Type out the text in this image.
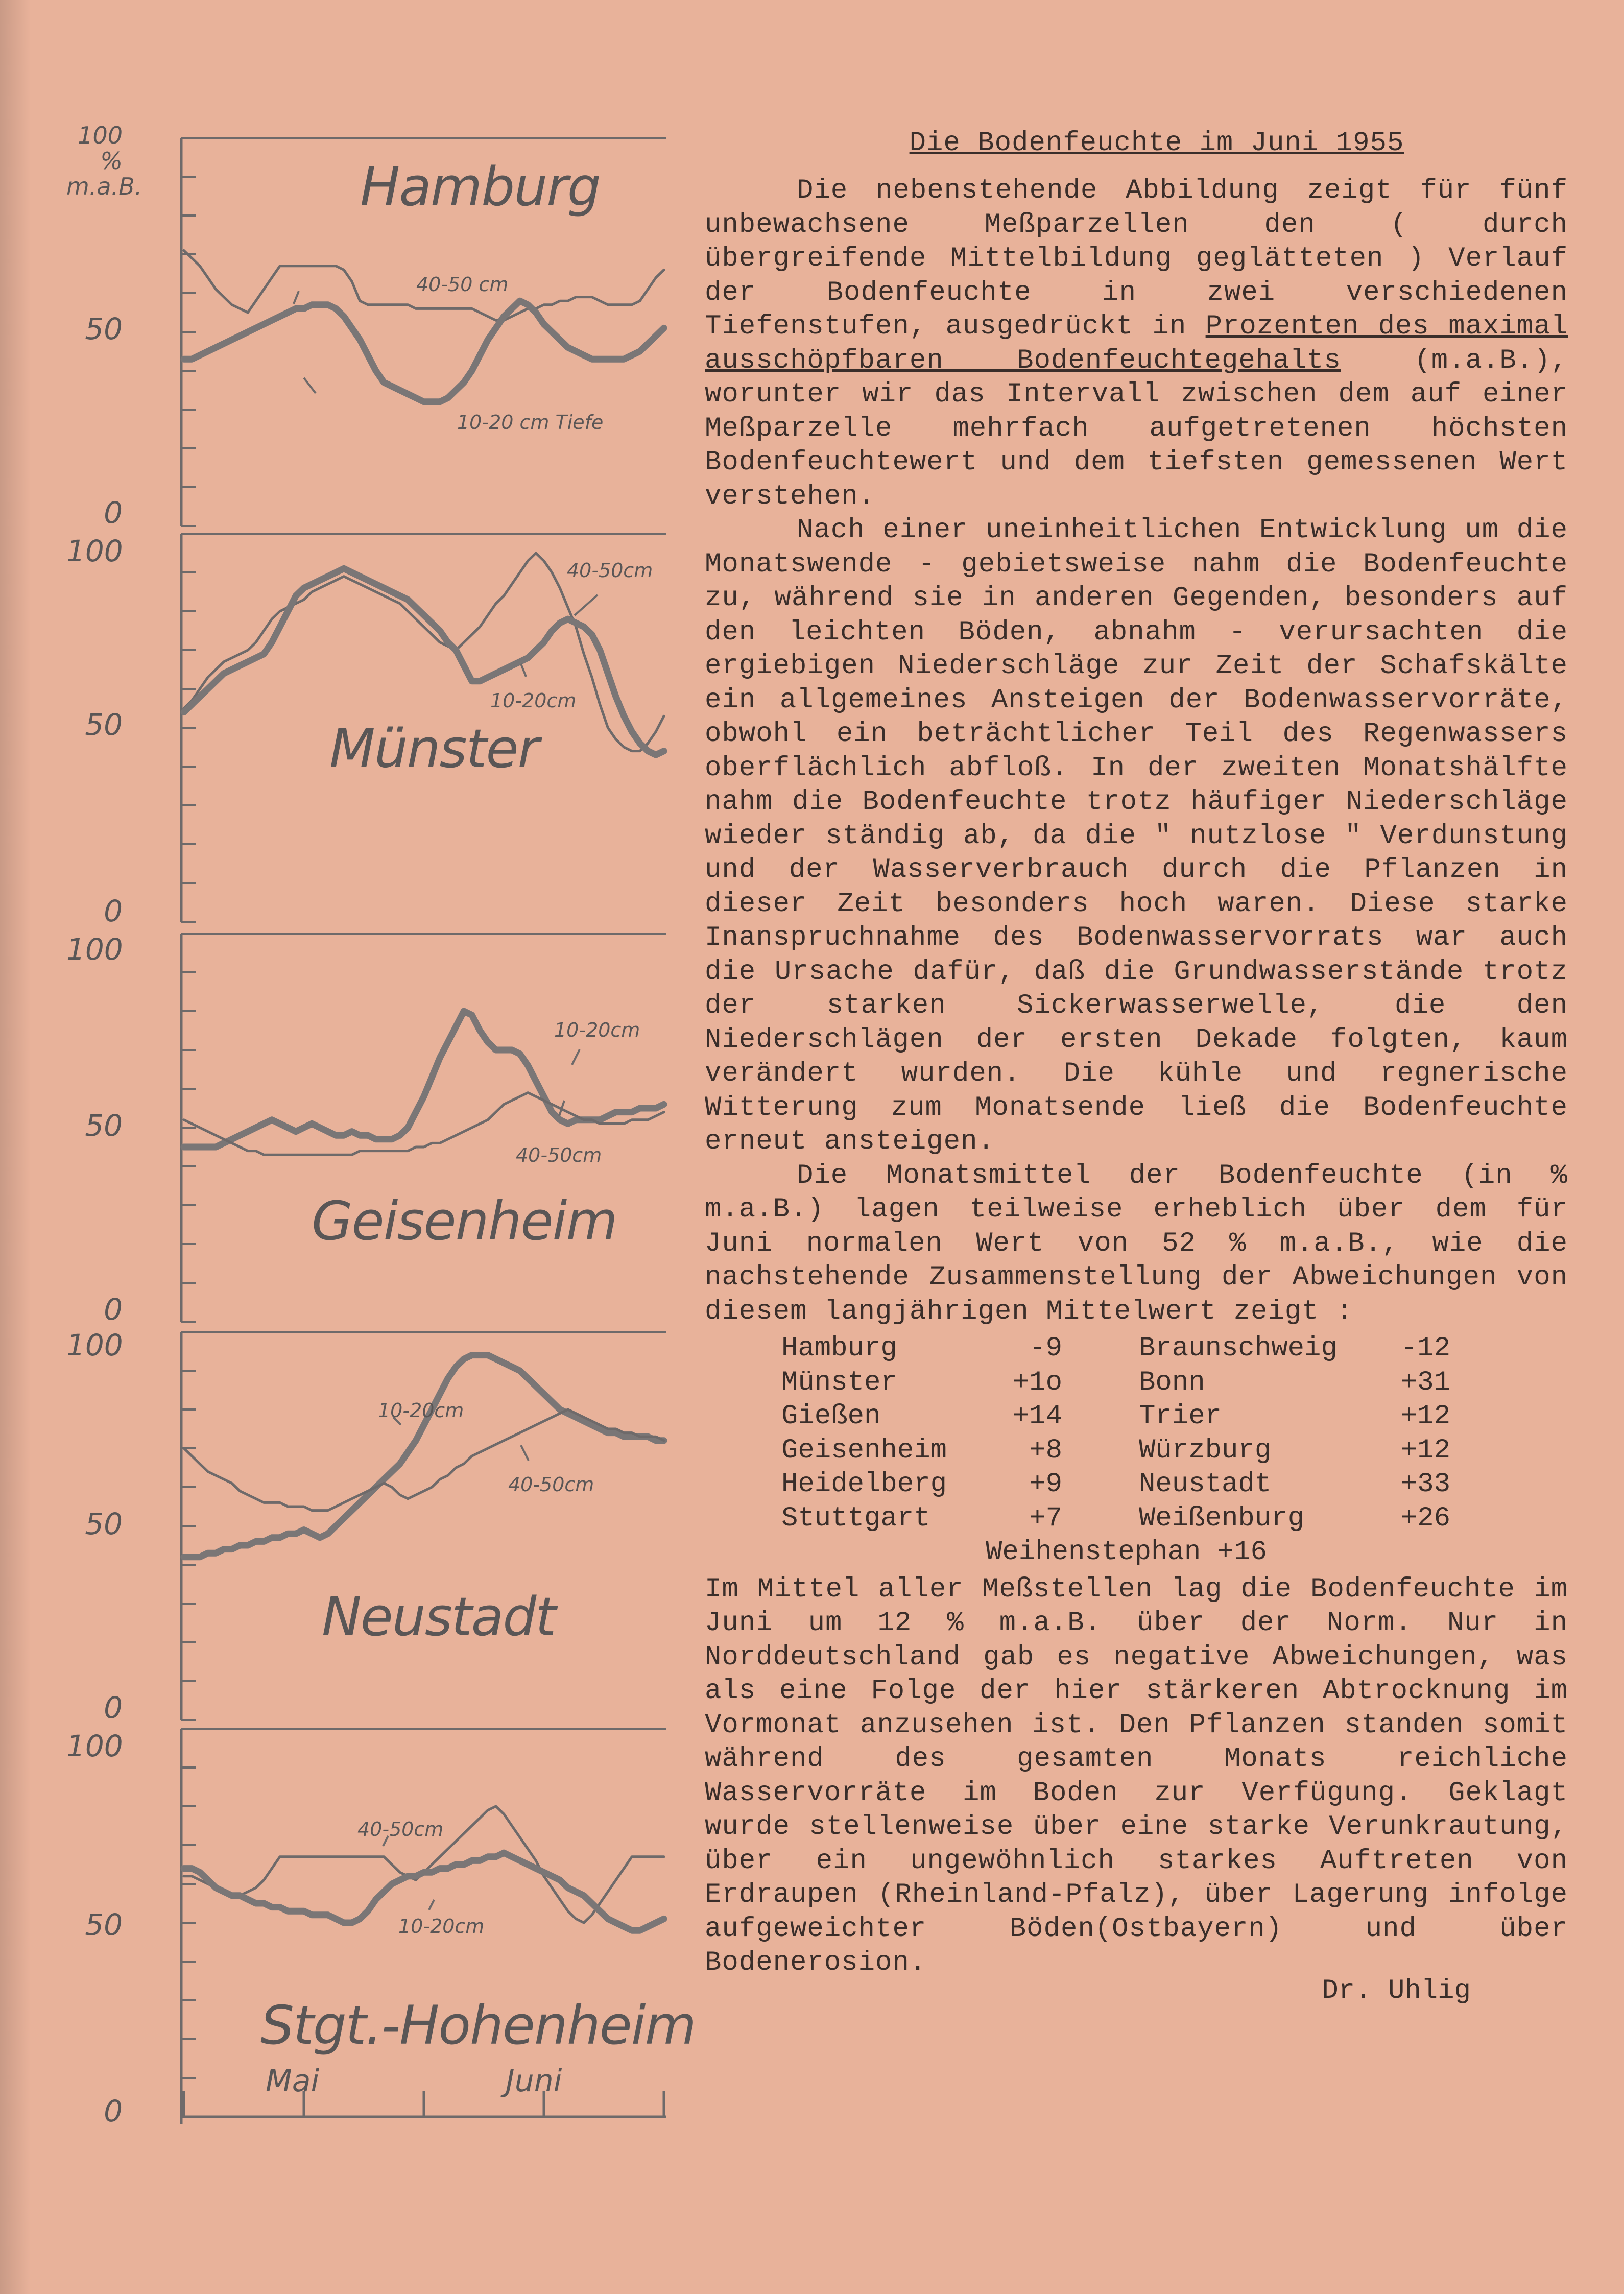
100
%
m.a.B.
50
0
Hamburg
40-50 cm
10-20 cm Tiefe
100
50
0
Münster
40-50cm
10-20cm
100
50
0
Geisenheim
10-20cm
40-50cm
100
50
0
Neustadt
10-20cm
40-50cm
100
50
0
Stgt.-Hohenheim
40-50cm
10-20cm
Mai	Juni
Die Bodenfeuchte im Juni 1955

Die nebenstehende Abbildung zeigt für fünf unbewachsene Meßparzellen den ( durch übergreifende Mittelbildung geglätteten ) Verlauf der Bodenfeuchte in zwei verschiedenen Tiefenstufen, ausgedrückt in Prozenten des maximal ausschöpfbaren Bodenfeuchtegehalts	(m.a.B.), worunter wir das Intervall zwischen dem auf einer Meßparzelle mehrfach aufgetretenen höchsten Bodenfeuchtewert und dem tiefsten gemessenen Wert verstehen.

Nach einer uneinheitlichen Entwicklung um die Monatswende - gebietsweise nahm die Bodenfeuchte zu, während sie in anderen Gegenden, besonders auf den leichten Böden, abnahm - verursachten die ergiebigen Niederschläge zur Zeit der Schafskälte ein allgemeines Ansteigen der Bodenwasservorräte, obwohl ein beträchtlicher Teil des Regenwassers oberflächlich abfloß. In der zweiten Monatshälfte nahm die Bodenfeuchte trotz häufiger Niederschläge wieder ständig ab, da die " nutzlose " Verdunstung und der Wasserverbrauch durch die Pflanzen in dieser Zeit besonders hoch waren. Diese starke Inanspruchnahme des Bodenwasservorrats war auch die Ursache dafür, daß die Grundwasserstände trotz der starken Sickerwasserwelle, die den Niederschlägen der ersten Dekade folgten, kaum verändert wurden. Die kühle und regnerische Witterung zum Monatsende ließ die Bodenfeuchte erneut ansteigen.

Die Monatsmittel der Bodenfeuchte (in % m.a.B.) lagen teilweise erheblich über dem für Juni normalen Wert von 52 % m.a.B., wie die nachstehende Zusammenstellung der Abweichungen von diesem langjährigen Mittelwert zeigt :

Hamburg	-9	Braunschweig	-12
Münster	+1o	Bonn	+31
Gießen	+14	Trier	+12
Geisenheim	+8	Würzburg	+12
Heidelberg	+9	Neustadt	+33
Stuttgart	+7	Weißenburg	+26
Weihenstephan +16

Im Mittel aller Meßstellen lag die Bodenfeuchte im Juni um 12 % m.a.B. über der Norm. Nur in Norddeutschland gab es negative Abweichungen, was als eine Folge der hier stärkeren Abtrocknung im Vormonat anzusehen ist. Den Pflanzen standen somit während des gesamten Monats reichliche Wasservorräte im Boden zur Verfügung. Geklagt wurde stellenweise über eine starke Verunkrautung, über ein ungewöhnlich starkes Auftreten von Erdraupen (Rheinland-Pfalz), über Lagerung infolge aufgeweichter Böden(Ostbayern) und über Bodenerosion.

Dr. Uhlig
